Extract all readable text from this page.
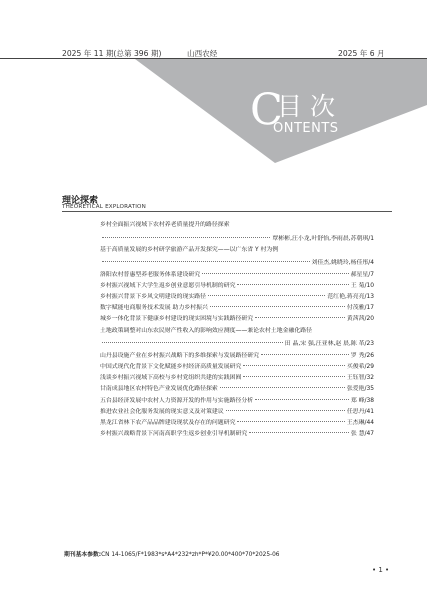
2025 年 11 期(总第 396 期)	山西农经	2025 年 6 月
C
目 次
ONTENTS
理论探索
THEORETICAL EXPLORATION
乡村全面振兴视域下农村养老质量提升的路径探索
覃彬彬,汪小龙,叶舒怡,李雨晨,苏朝琪/1
基于高质量发展的乡村研学旅游产品开发探究——以广东省 Y 村为例
刘佳杰,姚晓玲,杨佳彤/4
洛阳农村普惠型养老服务体系建设研究	郝星星/7
乡村振兴视域下大学生返乡创业意愿引导机制的研究	王 菊/10
乡村振兴背景下乡风文明建设的现实路径	范红艳,蒋亮亮/13
数字赋能电商服务技术发展 助力乡村振兴	付茂雅/17
城乡一体化背景下健康乡村建设的现实困境与实践路径研究	黄茜茜/20
土地政策调整对山东农民财产性收入的影响效应测度——兼论农村土地金融化路径
田 晶,宋 强,汪亚林,赵 晨,陈 革/23
山丹县设施产业在乡村振兴战略下的多维探索与发展路径研究	罗 秀/26
中国式现代化背景下文化赋能乡村经济高质量发展研究	买俊希/29
浅谈乡村振兴视域下高校与乡村党组织共建的实践困囿	王钰智/32
甘南成县地区农村特色产业发展优化路径探索	张爱艳/35
五台县经济发展中农村人力资源开发的作用与实施路径分析	郑 峰/38
推进农业社会化服务发展的现实意义及对策建议	任思丹/41
黑龙江省林下农产品品牌建设现状及存在的问题研究	王杰琳/44
乡村振兴战略背景下河南高职学生返乡创业引导机制研究	张 慧/47
期刊基本参数:CN 14-1065/F*1983*s*A4*232*zh*P*¥20.00*400*70*2025-06
• 1 •
